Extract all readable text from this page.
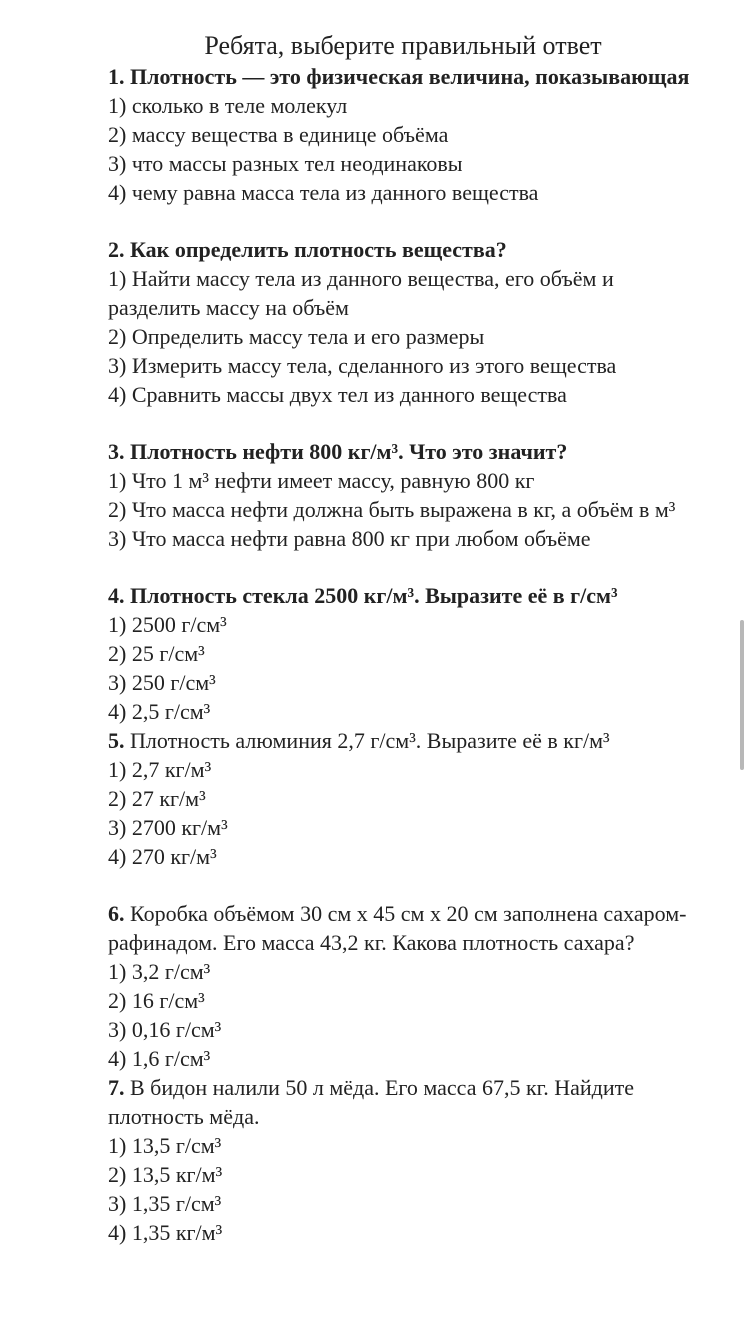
Ребята, выберите правильный ответ
1. Плотность — это физическая величина, показывающая
1) сколько в теле молекул
2) массу вещества в единице объёма
3) что массы разных тел неодинаковы
4) чему равна масса тела из данного вещества
2. Как определить плотность вещества?
1) Найти массу тела из данного вещества, его объём и разделить массу на объём
2) Определить массу тела и его размеры
3) Измерить массу тела, сделанного из этого вещества
4) Сравнить массы двух тел из данного вещества
3. Плотность нефти 800 кг/м³. Что это значит?
1) Что 1 м³ нефти имеет массу, равную 800 кг
2) Что масса нефти должна быть выражена в кг, а объём в м³
3) Что масса нефти равна 800 кг при любом объёме
4. Плотность стекла 2500 кг/м³. Выразите её в г/см³
1) 2500 г/см³
2) 25 г/см³
3) 250 г/см³
4) 2,5 г/см³
5. Плотность алюминия 2,7 г/см³. Выразите её в кг/м³
1) 2,7 кг/м³
2) 27 кг/м³
3) 2700 кг/м³
4) 270 кг/м³
6. Коробка объёмом 30 см х 45 см х 20 см заполнена сахаром-рафинадом. Его масса 43,2 кг. Какова плотность сахара?
1) 3,2 г/см³
2) 16 г/см³
3) 0,16 г/см³
4) 1,6 г/см³
7. В бидон налили 50 л мёда. Его масса 67,5 кг. Найдите плотность мёда.
1) 13,5 г/см³
2) 13,5 кг/м³
3) 1,35 г/см³
4) 1,35 кг/м³
